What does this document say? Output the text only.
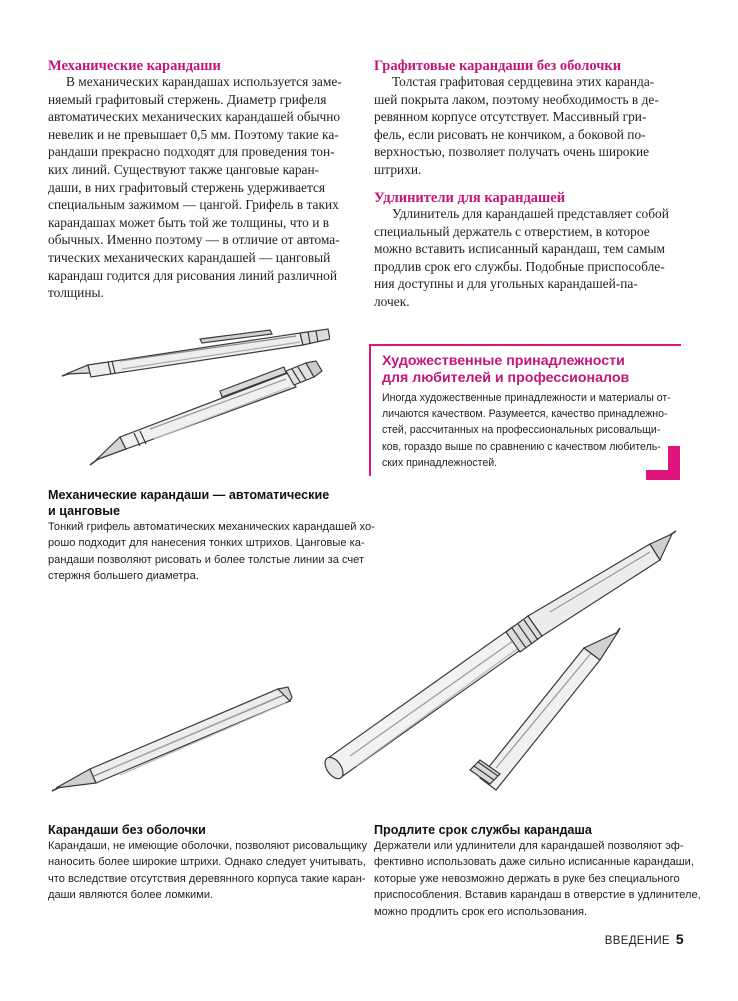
Механические карандаши
В механических карандашах используется заме-
няемый графитовый стержень. Диаметр грифеля
автоматических механических карандашей обычно
невелик и не превышает 0,5 мм. Поэтому такие ка-
рандаши прекрасно подходят для проведения тон-
ких линий. Существуют также цанговые каран-
даши, в них графитовый стержень удерживается
специальным зажимом — цангой. Грифель в таких
карандашах может быть той же толщины, что и в
обычных. Именно поэтому — в отличие от автома-
тических механических карандашей — цанговый
карандаш годится для рисования линий различной
толщины.
Графитовые карандаши без оболочки
Толстая графитовая сердцевина этих каранда-
шей покрыта лаком, поэтому необходимость в де-
ревянном корпусе отсутствует. Массивный гри-
фель, если рисовать не кончиком, а боковой по-
верхностью, позволяет получать очень широкие
штрихи.
Удлинители для карандашей
Удлинитель для карандашей представляет собой
специальный держатель с отверстием, в которое
можно вставить исписанный карандаш, тем самым
продлив срок его службы. Подобные приспособле-
ния доступны и для угольных карандашей-па-
лочек.
Художественные принадлежности
для любителей и профессионалов
Иногда художественные принадлежности и материалы от-
личаются качеством. Разумеется, качество принадлежно-
стей, рассчитанных на профессиональных рисовальщи-
ков, гораздо выше по сравнению с качеством любитель-
ских принадлежностей.
Механические карандаши — автоматические
и цанговые
Тонкий грифель автоматических механических карандашей хо-
рошо подходит для нанесения тонких штрихов. Цанговые ка-
рандаши позволяют рисовать и более толстые линии за счет
стержня большего диаметра.
Карандаши без оболочки
Карандаши, не имеющие оболочки, позволяют рисовальщику
наносить более широкие штрихи. Однако следует учитывать,
что вследствие отсутствия деревянного корпуса такие каран-
даши являются более ломкими.
Продлите срок службы карандаша
Держатели или удлинители для карандашей позволяют эф-
фективно использовать даже сильно исписанные карандаши,
которые уже невозможно держать в руке без специального
приспособления. Вставив карандаш в отверстие в удлинителе,
можно продлить срок его использования.
ВВЕДЕНИЕ 5
